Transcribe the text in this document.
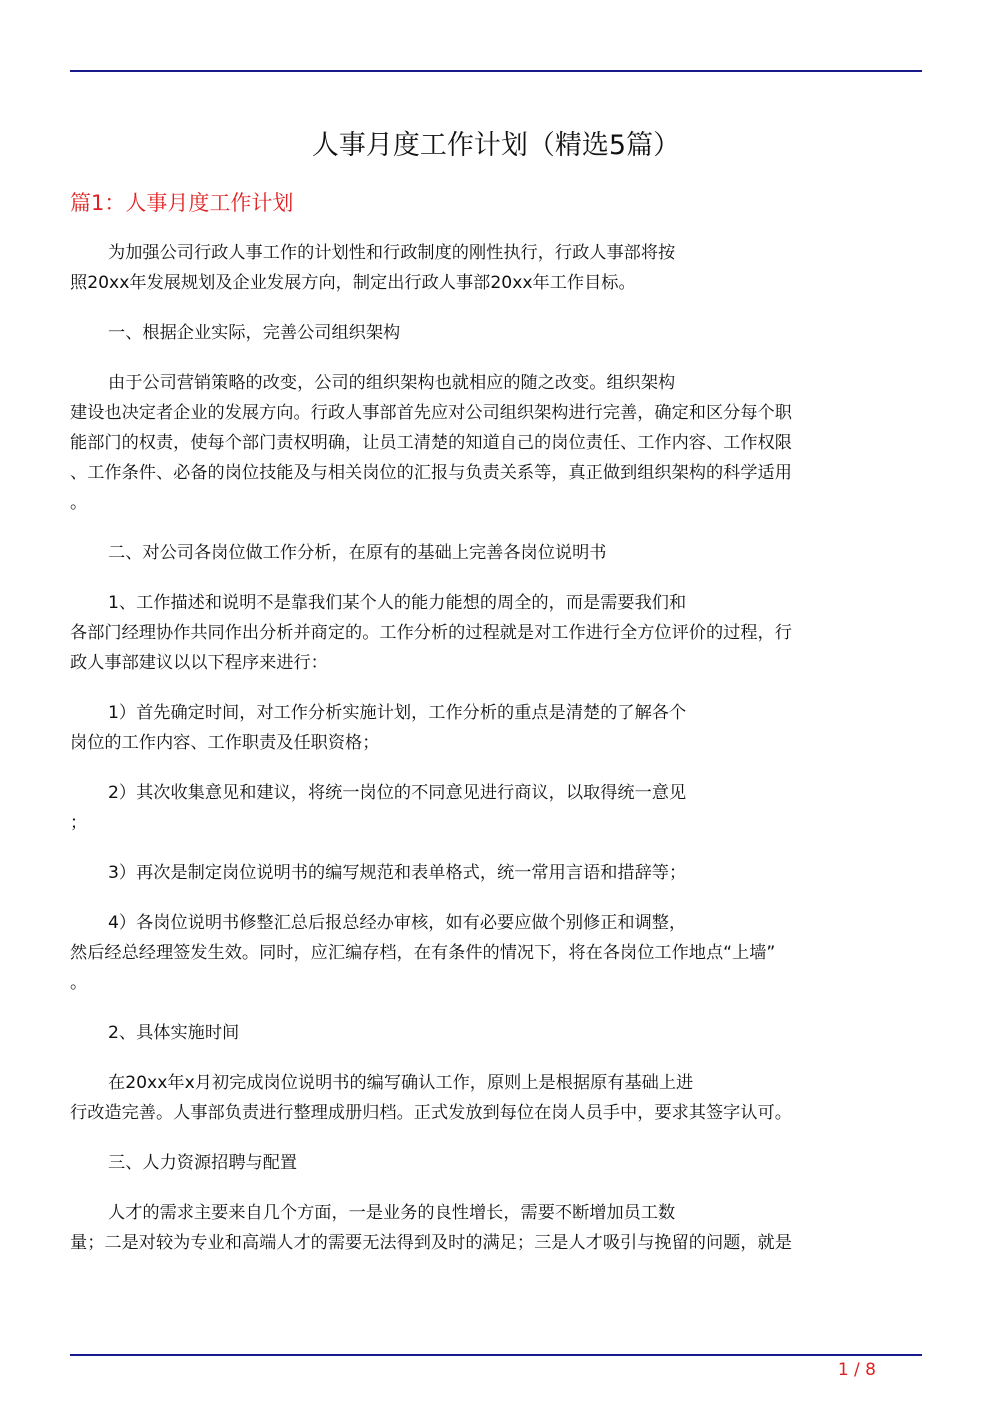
人事月度工作计划（精选5篇）
篇1：人事月度工作计划
为加强公司行政人事工作的计划性和行政制度的刚性执行，行政人事部将按
照20xx年发展规划及企业发展方向，制定出行政人事部20xx年工作目标。
一、根据企业实际，完善公司组织架构
由于公司营销策略的改变，公司的组织架构也就相应的随之改变。组织架构
建设也决定者企业的发展方向。行政人事部首先应对公司组织架构进行完善，确定和区分每个职
能部门的权责，使每个部门责权明确，让员工清楚的知道自己的岗位责任、工作内容、工作权限
、工作条件、必备的岗位技能及与相关岗位的汇报与负责关系等，真正做到组织架构的科学适用
。
二、对公司各岗位做工作分析，在原有的基础上完善各岗位说明书
1、工作描述和说明不是靠我们某个人的能力能想的周全的，而是需要我们和
各部门经理协作共同作出分析并商定的。工作分析的过程就是对工作进行全方位评价的过程，行
政人事部建议以以下程序来进行：
1）首先确定时间，对工作分析实施计划，工作分析的重点是清楚的了解各个
岗位的工作内容、工作职责及任职资格；
2）其次收集意见和建议，将统一岗位的不同意见进行商议，以取得统一意见
；
3）再次是制定岗位说明书的编写规范和表单格式，统一常用言语和措辞等；
4）各岗位说明书修整汇总后报总经办审核，如有必要应做个别修正和调整，
然后经总经理签发生效。同时，应汇编存档，在有条件的情况下，将在各岗位工作地点“上墙”
。
2、具体实施时间
在20xx年x月初完成岗位说明书的编写确认工作，原则上是根据原有基础上进
行改造完善。人事部负责进行整理成册归档。正式发放到每位在岗人员手中，要求其签字认可。
三、人力资源招聘与配置
人才的需求主要来自几个方面，一是业务的良性增长，需要不断增加员工数
量；二是对较为专业和高端人才的需要无法得到及时的满足；三是人才吸引与挽留的问题，就是
1 / 8
